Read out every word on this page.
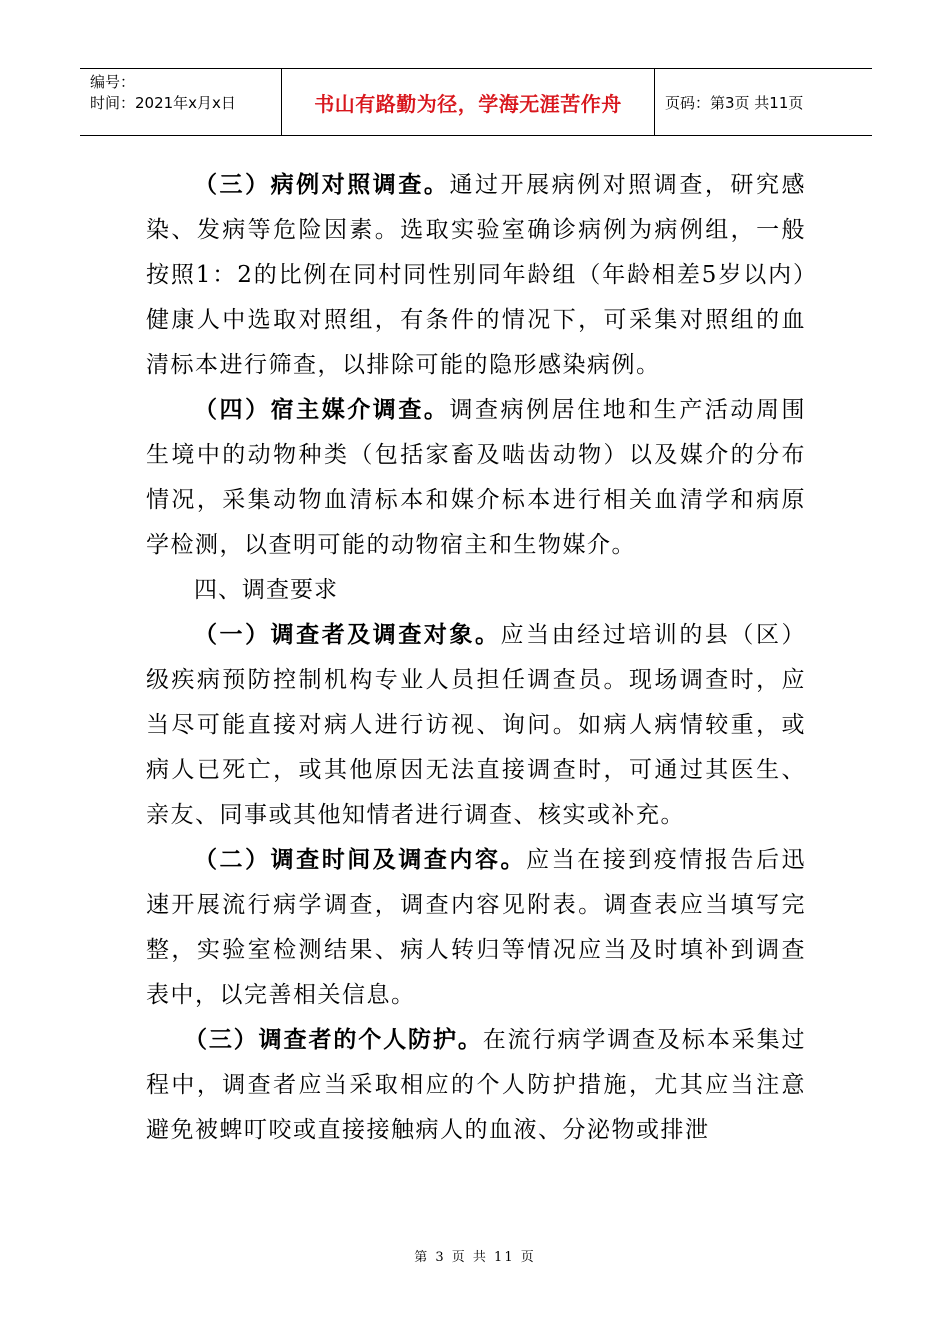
编号：
时间：2021年x月x日	书山有路勤为径，学海无涯苦作舟	页码：第3页 共11页

（三）病例对照调查。通过开展病例对照调查，研究感染、发病等危险因素。选取实验室确诊病例为病例组，一般按照1：2的比例在同村同性别同年龄组（年龄相差5岁以内）健康人中选取对照组，有条件的情况下，可采集对照组的血清标本进行筛查，以排除可能的隐形感染病例。

（四）宿主媒介调查。调查病例居住地和生产活动周围生境中的动物种类（包括家畜及啮齿动物）以及媒介的分布情况，采集动物血清标本和媒介标本进行相关血清学和病原学检测，以查明可能的动物宿主和生物媒介。

四、调查要求

（一）调查者及调查对象。应当由经过培训的县（区）级疾病预防控制机构专业人员担任调查员。现场调查时，应当尽可能直接对病人进行访视、询问。如病人病情较重，或病人已死亡，或其他原因无法直接调查时，可通过其医生、亲友、同事或其他知情者进行调查、核实或补充。

（二）调查时间及调查内容。应当在接到疫情报告后迅速开展流行病学调查，调查内容见附表。调查表应当填写完整，实验室检测结果、病人转归等情况应当及时填补到调查表中，以完善相关信息。

（三）调查者的个人防护。在流行病学调查及标本采集过程中，调查者应当采取相应的个人防护措施，尤其应当注意避免被蜱叮咬或直接接触病人的血液、分泌物或排泄

第 3 页 共 11 页
